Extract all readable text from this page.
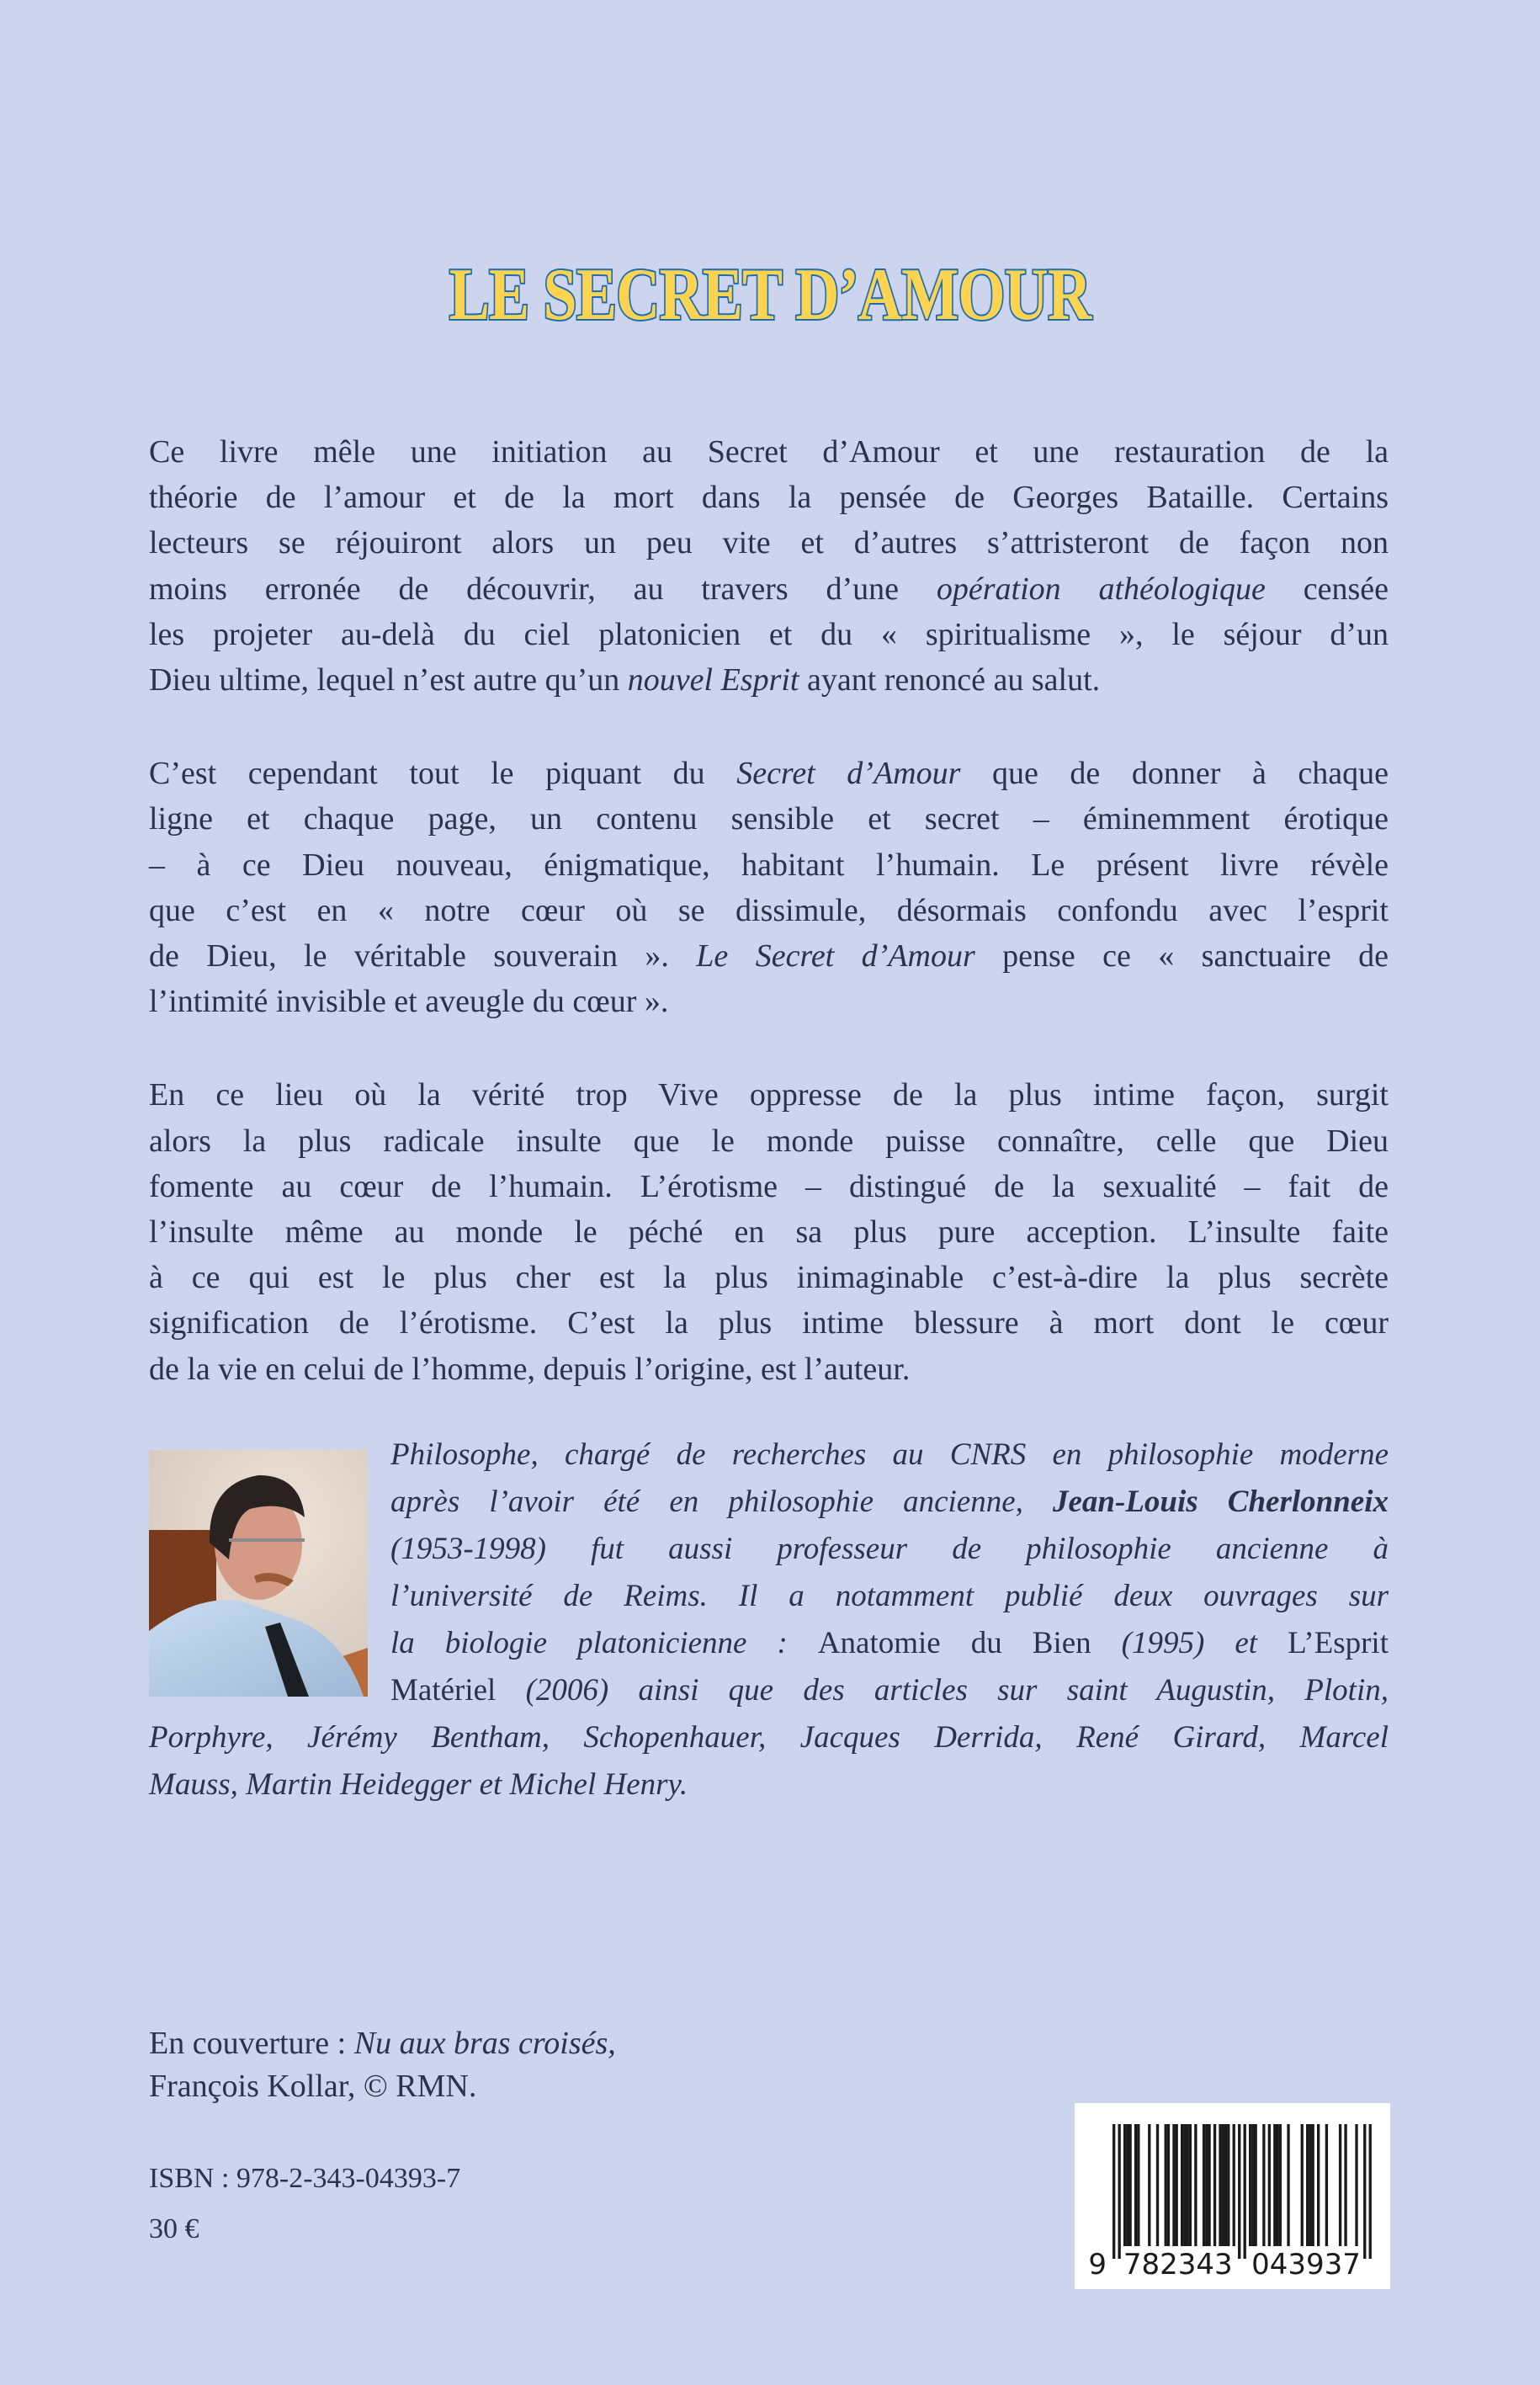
LE SECRET D’AMOUR
Ce livre mêle une initiation au Secret d’Amour et une restauration de la
théorie de l’amour et de la mort dans la pensée de Georges Bataille. Certains
lecteurs se réjouiront alors un peu vite et d’autres s’attristeront de façon non
moins erronée de découvrir, au travers d’une opération athéologique censée
les projeter au-delà du ciel platonicien et du « spiritualisme », le séjour d’un
Dieu ultime, lequel n’est autre qu’un nouvel Esprit ayant renoncé au salut.
C’est cependant tout le piquant du Secret d’Amour que de donner à chaque
ligne et chaque page, un contenu sensible et secret – éminemment érotique
– à ce Dieu nouveau, énigmatique, habitant l’humain. Le présent livre révèle
que c’est en « notre cœur où se dissimule, désormais confondu avec l’esprit
de Dieu, le véritable souverain ». Le Secret d’Amour pense ce « sanctuaire de
l’intimité invisible et aveugle du cœur ».
En ce lieu où la vérité trop Vive oppresse de la plus intime façon, surgit
alors la plus radicale insulte que le monde puisse connaître, celle que Dieu
fomente au cœur de l’humain. L’érotisme – distingué de la sexualité – fait de
l’insulte même au monde le péché en sa plus pure acception. L’insulte faite
à ce qui est le plus cher est la plus inimaginable c’est-à-dire la plus secrète
signification de l’érotisme. C’est la plus intime blessure à mort dont le cœur
de la vie en celui de l’homme, depuis l’origine, est l’auteur.
Philosophe, chargé de recherches au CNRS en philosophie moderne
après l’avoir été en philosophie ancienne, Jean-Louis Cherlonneix
(1953-1998) fut aussi professeur de philosophie ancienne à
l’université de Reims. Il a notamment publié deux ouvrages sur
la biologie platonicienne : Anatomie du Bien (1995) et L’Esprit
Matériel (2006) ainsi que des articles sur saint Augustin, Plotin,
Porphyre, Jérémy Bentham, Schopenhauer, Jacques Derrida, René Girard, Marcel
Mauss, Martin Heidegger et Michel Henry.
En couverture : Nu aux bras croisés,
François Kollar, © RMN.
ISBN : 978-2-343-04393-7
30 €
9 782343 043937
